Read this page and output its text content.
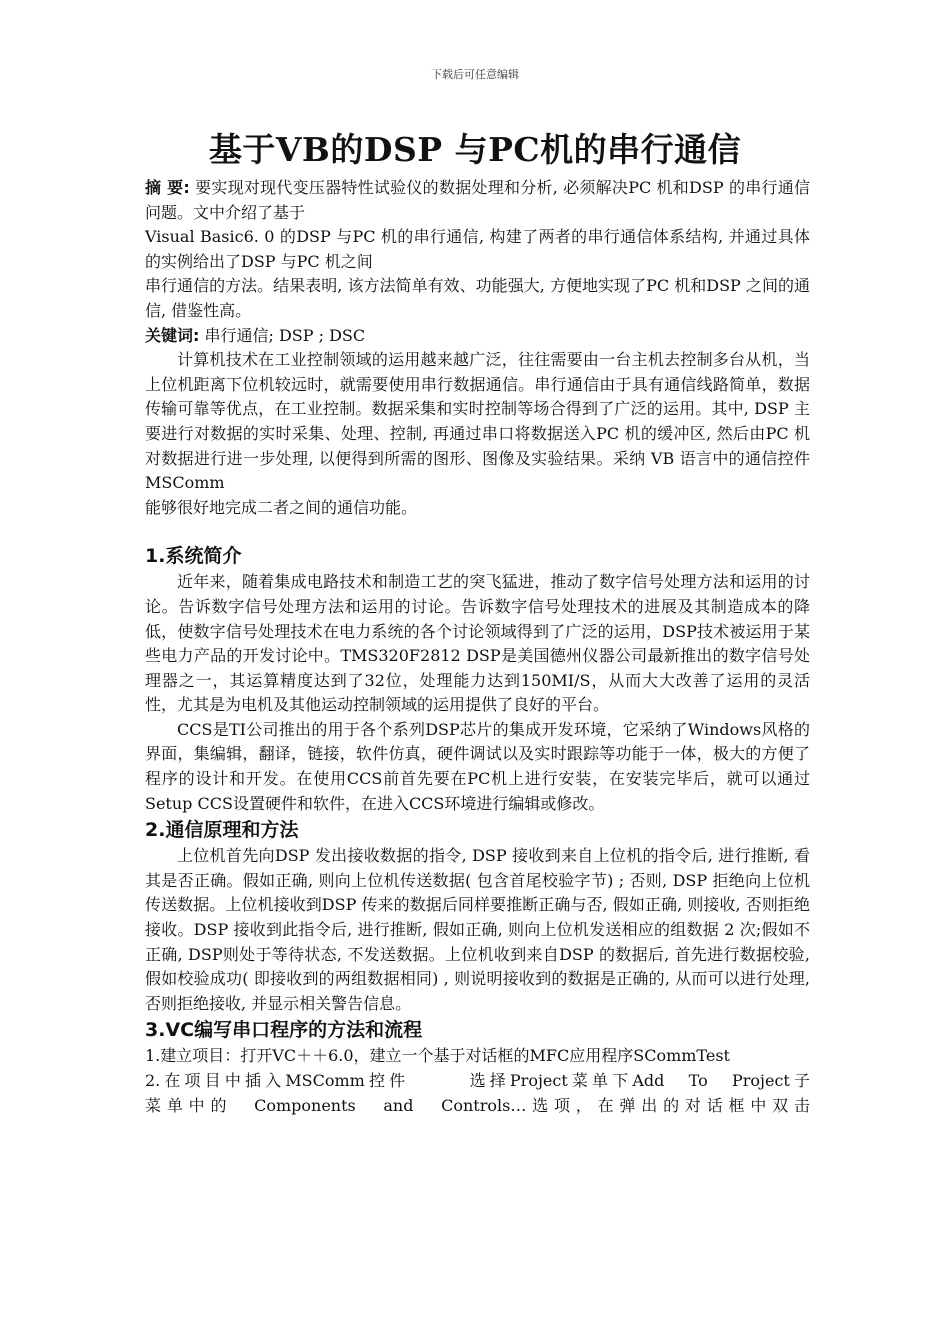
下载后可任意编辑
基于VB的DSP 与PC机的串行通信

摘 要: 要实现对现代变压器特性试验仪的数据处理和分析, 必须解决PC 机和DSP 的串行通信问题。文中介绍了基于

Visual Basic6. 0 的DSP 与PC 机的串行通信, 构建了两者的串行通信体系结构, 并通过具体的实例给出了DSP 与PC 机之间

串行通信的方法。结果表明, 该方法简单有效、功能强大, 方便地实现了PC 机和DSP 之间的通信, 借鉴性高。

关键词: 串行通信; DSP ; DSC

计算机技术在工业控制领域的运用越来越广泛，往往需要由一台主机去控制多台从机，当上位机距离下位机较远时，就需要使用串行数据通信。串行通信由于具有通信线路简单，数据传输可靠等优点，在工业控制。数据采集和实时控制等场合得到了广泛的运用。其中, DSP 主要进行对数据的实时采集、处理、控制, 再通过串口将数据送入PC 机的缓冲区, 然后由PC 机对数据进行进一步处理, 以便得到所需的图形、图像及实验结果。采纳 VB 语言中的通信控件MSComm

能够很好地完成二者之间的通信功能。

1.系统简介

近年来，随着集成电路技术和制造工艺的突飞猛进，推动了数字信号处理方法和运用的讨论。告诉数字信号处理方法和运用的讨论。告诉数字信号处理技术的进展及其制造成本的降低，使数字信号处理技术在电力系统的各个讨论领域得到了广泛的运用，DSP技术被运用于某些电力产品的开发讨论中。TMS320F2812 DSP是美国德州仪器公司最新推出的数字信号处理器之一，其运算精度达到了32位，处理能力达到150MI/S，从而大大改善了运用的灵活性，尤其是为电机及其他运动控制领域的运用提供了良好的平台。

CCS是TI公司推出的用于各个系列DSP芯片的集成开发环境，它采纳了Windows风格的界面，集编辑，翻译，链接，软件仿真，硬件调试以及实时跟踪等功能于一体，极大的方便了程序的设计和开发。在使用CCS前首先要在PC机上进行安装，在安装完毕后，就可以通过Setup CCS设置硬件和软件，在进入CCS环境进行编辑或修改。

2.通信原理和方法

上位机首先向DSP 发出接收数据的指令, DSP 接收到来自上位机的指令后, 进行推断, 看其是否正确。假如正确, 则向上位机传送数据( 包含首尾校验字节) ; 否则, DSP 拒绝向上位机传送数据。上位机接收到DSP 传来的数据后同样要推断正确与否, 假如正确, 则接收, 否则拒绝接收。DSP 接收到此指令后, 进行推断, 假如正确, 则向上位机发送相应的组数据 2 次;假如不正确, DSP则处于等待状态, 不发送数据。上位机收到来自DSP 的数据后, 首先进行数据校验, 假如校验成功( 即接收到的两组数据相同) , 则说明接收到的数据是正确的, 从而可以进行处理, 否则拒绝接收, 并显示相关警告信息。

3.VC编写串口程序的方法和流程

1.建立项目：打开VC＋＋6.0，建立一个基于对话框的MFC应用程序SCommTest

2.在项目中插入MSComm控件　　　选择Project菜单下Add　To　Project子

菜单中的　Components　and　Controls…选项，在弹出的对话框中双击
